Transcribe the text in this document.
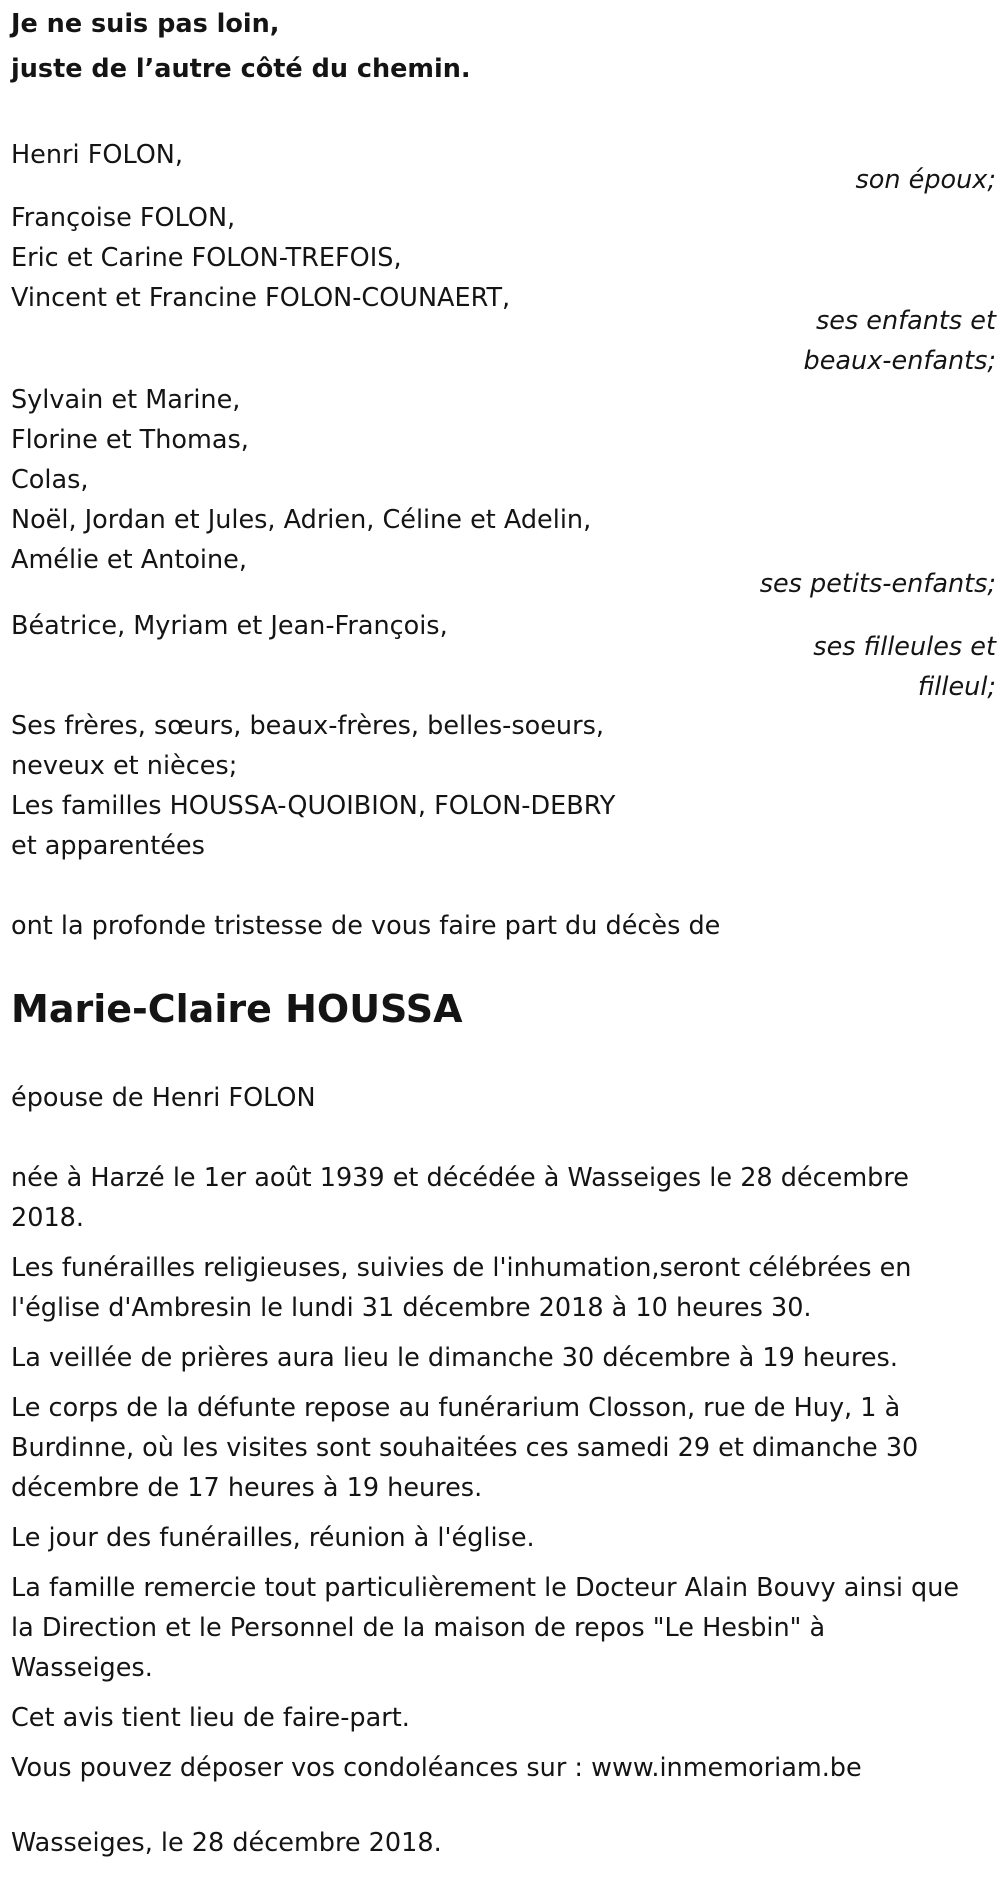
Je ne suis pas loin,
juste de l’autre côté du chemin.
Henri FOLON,
son époux;
Françoise FOLON,
Eric et Carine FOLON-TREFOIS,
Vincent et Francine FOLON-COUNAERT,
ses enfants et
beaux-enfants;
Sylvain et Marine,
Florine et Thomas,
Colas,
Noël, Jordan et Jules, Adrien, Céline et Adelin,
Amélie et Antoine,
ses petits-enfants;
Béatrice, Myriam et Jean-François,
ses filleules et
filleul;
Ses frères, sœurs, beaux-frères, belles-soeurs,
neveux et nièces;
Les familles HOUSSA-QUOIBION, FOLON-DEBRY
et apparentées
ont la profonde tristesse de vous faire part du décès de
Marie-Claire HOUSSA
épouse de Henri FOLON
née à Harzé le 1er août 1939 et décédée à Wasseiges le 28 décembre 2018.
Les funérailles religieuses, suivies de l'inhumation,seront célébrées en l'église d'Ambresin le lundi 31 décembre 2018 à 10 heures 30.
La veillée de prières aura lieu le dimanche 30 décembre à 19 heures.
Le corps de la défunte repose au funérarium Closson, rue de Huy, 1 à Burdinne, où les visites sont souhaitées ces samedi 29 et dimanche 30 décembre de 17 heures à 19 heures.
Le jour des funérailles, réunion à l'église.
La famille remercie tout particulièrement le Docteur Alain Bouvy ainsi que la Direction et le Personnel de la maison de repos "Le Hesbin" à Wasseiges.
Cet avis tient lieu de faire-part.
Vous pouvez déposer vos condoléances sur : www.inmemoriam.be
Wasseiges, le 28 décembre 2018.
